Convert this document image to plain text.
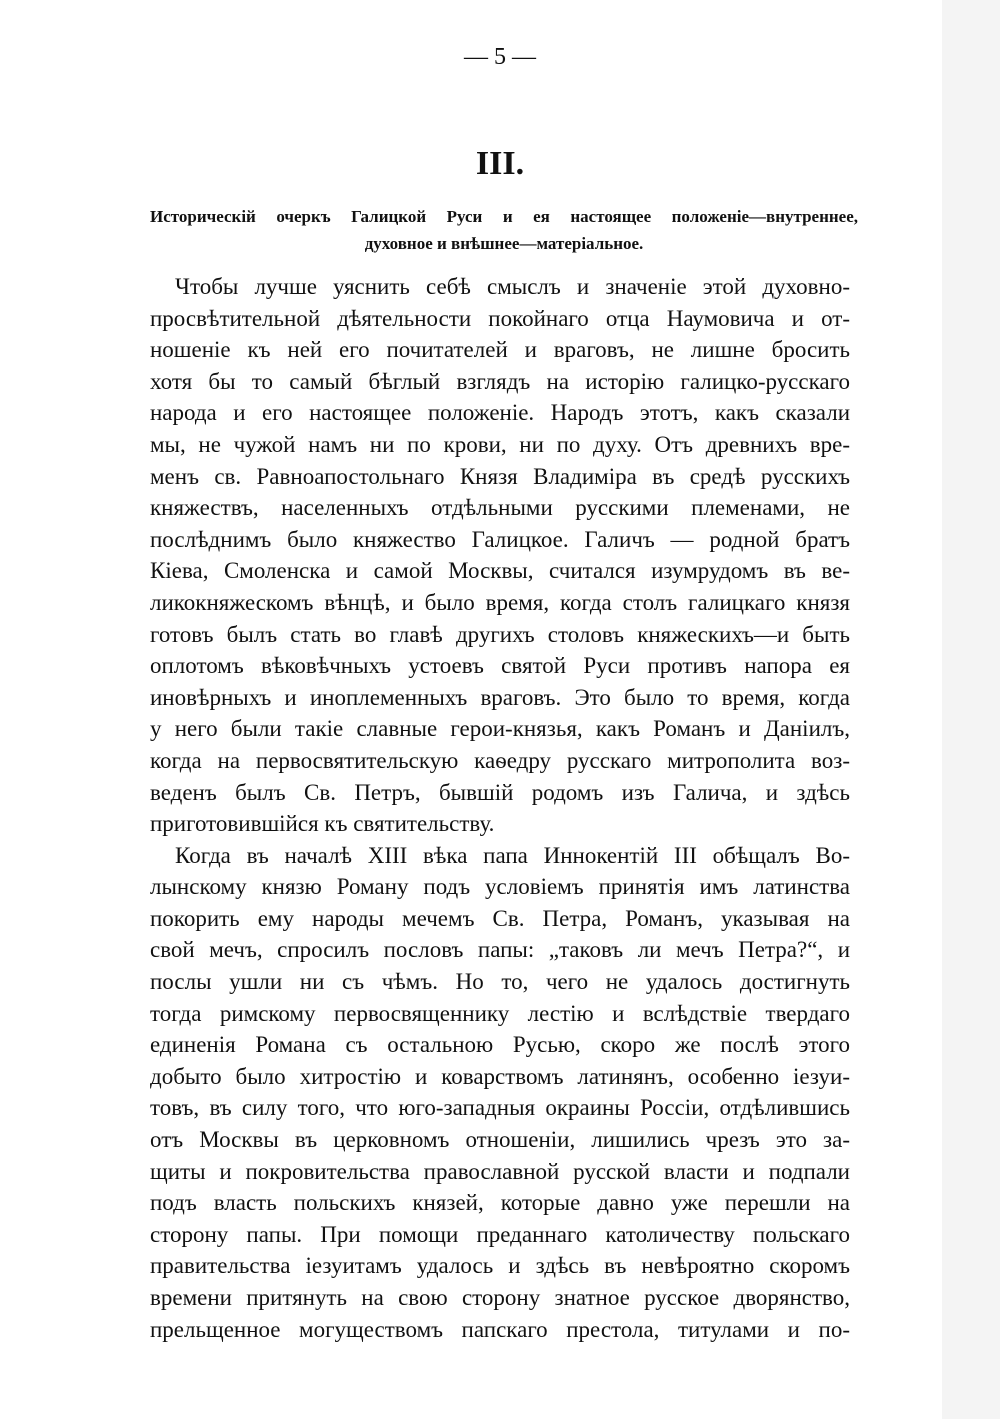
— 5 —
III.
Историческій очеркъ Галицкой Руси и ея настоящее положеніе—внутреннее,
духовное и внѣшнее—матеріальное.
Чтобы лучше уяснить себѣ смыслъ и значеніе этой духовно-
просвѣтительной дѣятельности покойнаго отца Наумовича и от-
ношеніе къ ней его почитателей и враговъ, не лишне бросить
хотя бы то самый бѣглый взглядъ на исторію галицко-русскаго
народа и его настоящее положеніе. Народъ этотъ, какъ сказали
мы, не чужой намъ ни по крови, ни по духу. Отъ древнихъ вре-
менъ св. Равноапостольнаго Князя Владиміра въ средѣ русскихъ
княжествъ, населенныхъ отдѣльными русскими племенами, не
послѣднимъ было княжество Галицкое. Галичъ — родной братъ
Кіева, Смоленска и самой Москвы, считался изумрудомъ въ ве-
ликокняжескомъ вѣнцѣ, и было время, когда столъ галицкаго князя
готовъ былъ стать во главѣ другихъ столовъ княжескихъ—и быть
оплотомъ вѣковѣчныхъ устоевъ святой Руси противъ напора ея
иновѣрныхъ и иноплеменныхъ враговъ. Это было то время, когда
у него были такіе славные герои-князья, какъ Романъ и Даніилъ,
когда на первосвятительскую каѳедру русскаго митрополита воз-
веденъ былъ Св. Петръ, бывшій родомъ изъ Галича, и здѣсь
приготовившійся къ святительству.
Когда въ началѣ XIII вѣка папа Иннокентій III обѣщалъ Во-
лынскому князю Роману подъ условіемъ принятія имъ латинства
покорить ему народы мечемъ Св. Петра, Романъ, указывая на
свой мечъ, спросилъ пословъ папы: „таковъ ли мечъ Петра?“, и
послы ушли ни съ чѣмъ. Но то, чего не удалось достигнуть
тогда римскому первосвященнику лестію и вслѣдствіе твердаго
единенія Романа съ остальною Русью, скоро же послѣ этого
добыто было хитростію и коварствомъ латинянъ, особенно іезуи-
товъ, въ силу того, что юго-западныя окраины Россіи, отдѣлившись
отъ Москвы въ церковномъ отношеніи, лишились чрезъ это за-
щиты и покровительства православной русской власти и подпали
подъ власть польскихъ князей, которые давно уже перешли на
сторону папы. При помощи преданнаго католичеству польскаго
правительства іезуитамъ удалось и здѣсь въ невѣроятно скоромъ
времени притянуть на свою сторону знатное русское дворянство,
прельщенное могуществомъ папскаго престола, титулами и по-
